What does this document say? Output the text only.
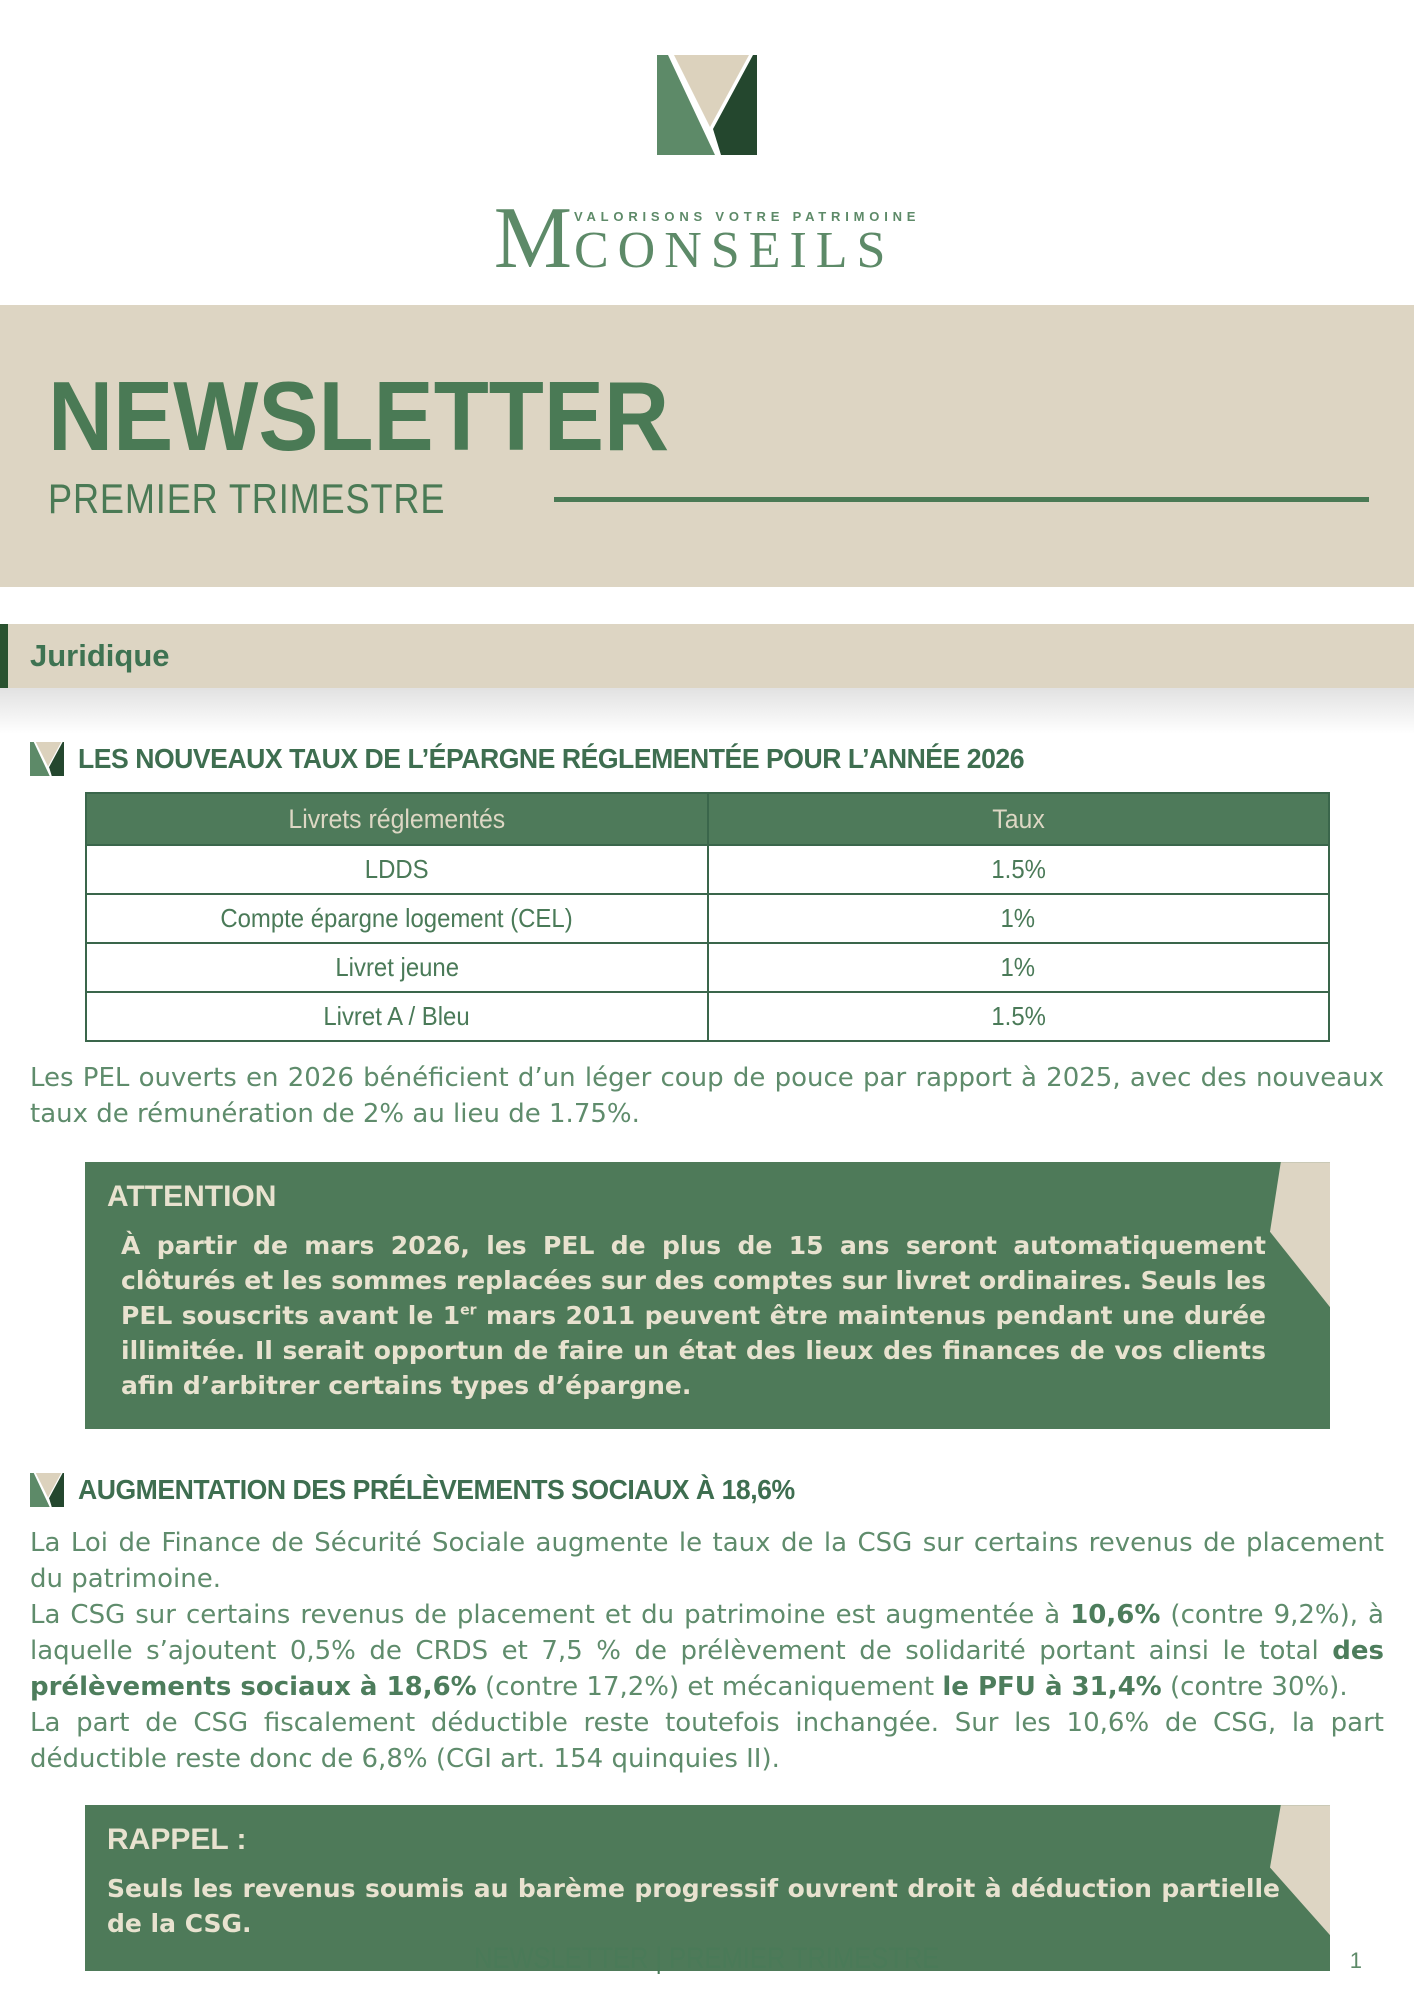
M VALORISONS VOTRE PATRIMOINE
CONSEILS
NEWSLETTER
PREMIER TRIMESTRE
Juridique
LES NOUVEAUX TAUX DE L’ÉPARGNE RÉGLEMENTÉE POUR L’ANNÉE 2026
Livrets réglementés	Taux
LDDS	1.5%
Compte épargne logement (CEL)	1%
Livret jeune	1%
Livret A / Bleu	1.5%

Les PEL ouverts en 2026 bénéficient d’un léger coup de pouce par rapport à 2025, avec des nouveaux taux de rémunération de 2% au lieu de 1.75%.

ATTENTION

À partir de mars 2026, les PEL de plus de 15 ans seront automatiquement clôturés et les sommes replacées sur des comptes sur livret ordinaires. Seuls les PEL souscrits avant le 1er mars 2011 peuvent être maintenus pendant une durée illimitée. Il serait opportun de faire un état des lieux des finances de vos clients afin d’arbitrer certains types d’épargne.

AUGMENTATION DES PRÉLÈVEMENTS SOCIAUX À 18,6%

La Loi de Finance de Sécurité Sociale augmente le taux de la CSG sur certains revenus de placement du patrimoine.

La CSG sur certains revenus de placement et du patrimoine est augmentée à 10,6% (contre 9,2%), à laquelle s’ajoutent 0,5% de CRDS et 7,5 % de prélèvement de solidarité portant ainsi le total des prélèvements sociaux à 18,6% (contre 17,2%) et mécaniquement le PFU à 31,4% (contre 30%).

La part de CSG fiscalement déductible reste toutefois inchangée. Sur les 10,6% de CSG, la part déductible reste donc de 6,8% (CGI art. 154 quinquies II).

RAPPEL :

Seuls les revenus soumis au barème progressif ouvrent droit à déduction partielle de la CSG.

NEWSLETTER | PREMIER TRIMESTRE	1
